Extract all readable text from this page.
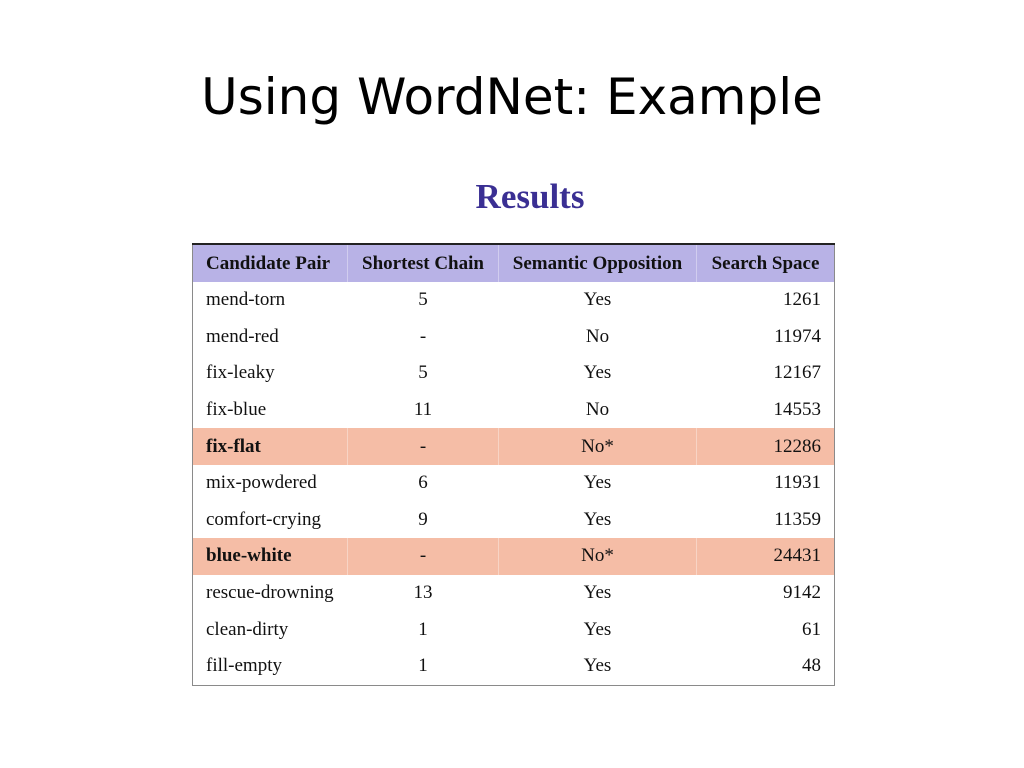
Using WordNet: Example
Results
Candidate Pair	Shortest Chain	Semantic Opposition	Search Space
mend-torn	5	Yes	1261
mend-red	-	No	11974
fix-leaky	5	Yes	12167
fix-blue	11	No	14553
fix-flat	-	No*	12286
mix-powdered	6	Yes	11931
comfort-crying	9	Yes	11359
blue-white	-	No*	24431
rescue-drowning	13	Yes	9142
clean-dirty	1	Yes	61
fill-empty	1	Yes	48
